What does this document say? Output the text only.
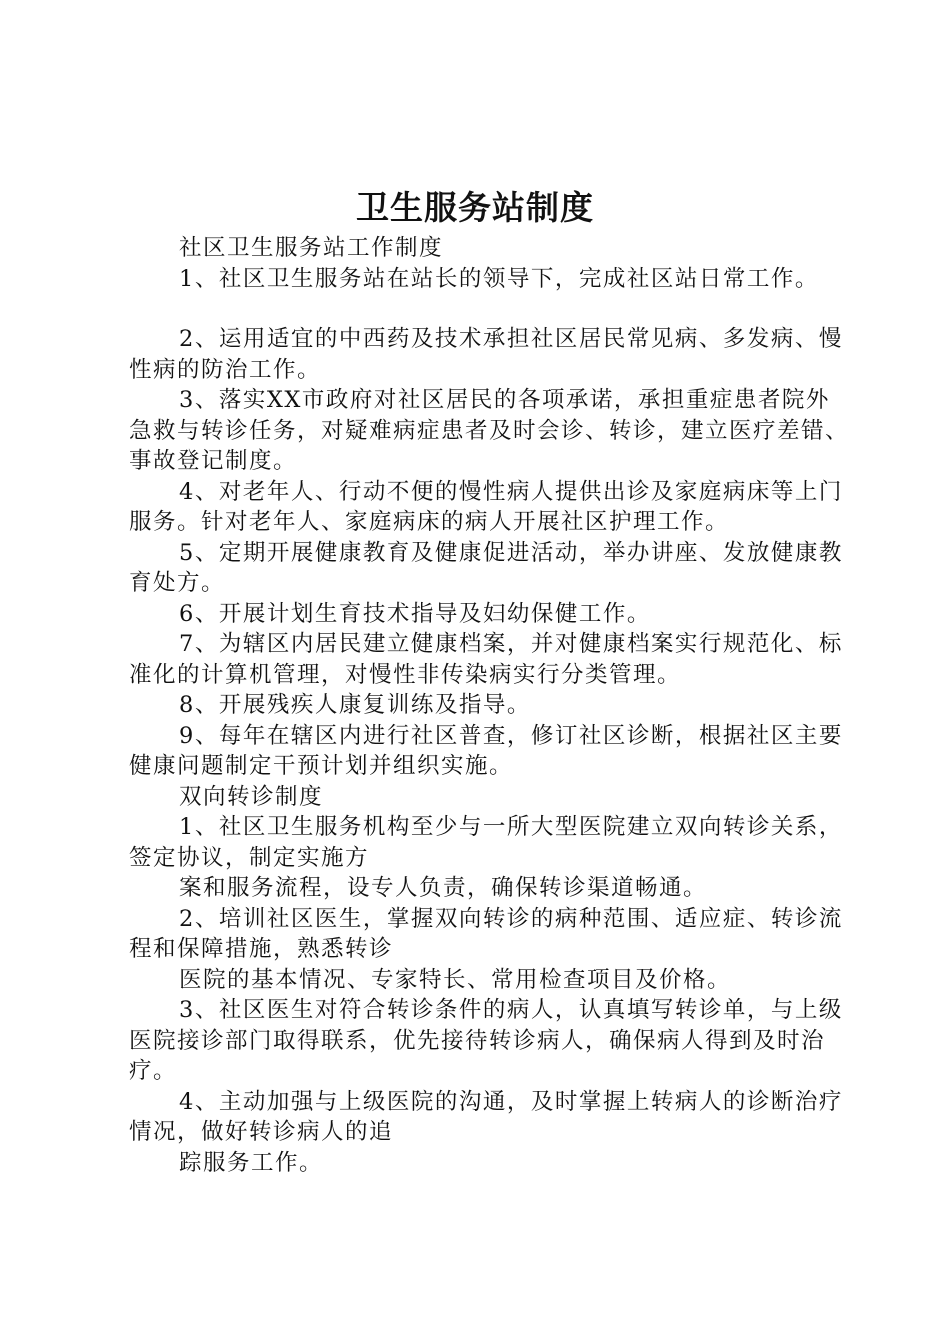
卫生服务站制度

社区卫生服务站工作制度

1、社区卫生服务站在站长的领导下，完成社区站日常工作。

2、运用适宜的中西药及技术承担社区居民常见病、多发病、慢性病的防治工作。

3、落实XX市政府对社区居民的各项承诺，承担重症患者院外急救与转诊任务，对疑难病症患者及时会诊、转诊，建立医疗差错、事故登记制度。

4、对老年人、行动不便的慢性病人提供出诊及家庭病床等上门服务。针对老年人、家庭病床的病人开展社区护理工作。

5、定期开展健康教育及健康促进活动，举办讲座、发放健康教育处方。

6、开展计划生育技术指导及妇幼保健工作。

7、为辖区内居民建立健康档案，并对健康档案实行规范化、标准化的计算机管理，对慢性非传染病实行分类管理。

8、开展残疾人康复训练及指导。

9、每年在辖区内进行社区普查，修订社区诊断，根据社区主要健康问题制定干预计划并组织实施。

双向转诊制度

1、社区卫生服务机构至少与一所大型医院建立双向转诊关系，签定协议，制定实施方

案和服务流程，设专人负责，确保转诊渠道畅通。

2、培训社区医生，掌握双向转诊的病种范围、适应症、转诊流程和保障措施，熟悉转诊

医院的基本情况、专家特长、常用检查项目及价格。

3、社区医生对符合转诊条件的病人，认真填写转诊单，与上级医院接诊部门取得联系，优先接待转诊病人，确保病人得到及时治疗。

4、主动加强与上级医院的沟通，及时掌握上转病人的诊断治疗情况，做好转诊病人的追

踪服务工作。
